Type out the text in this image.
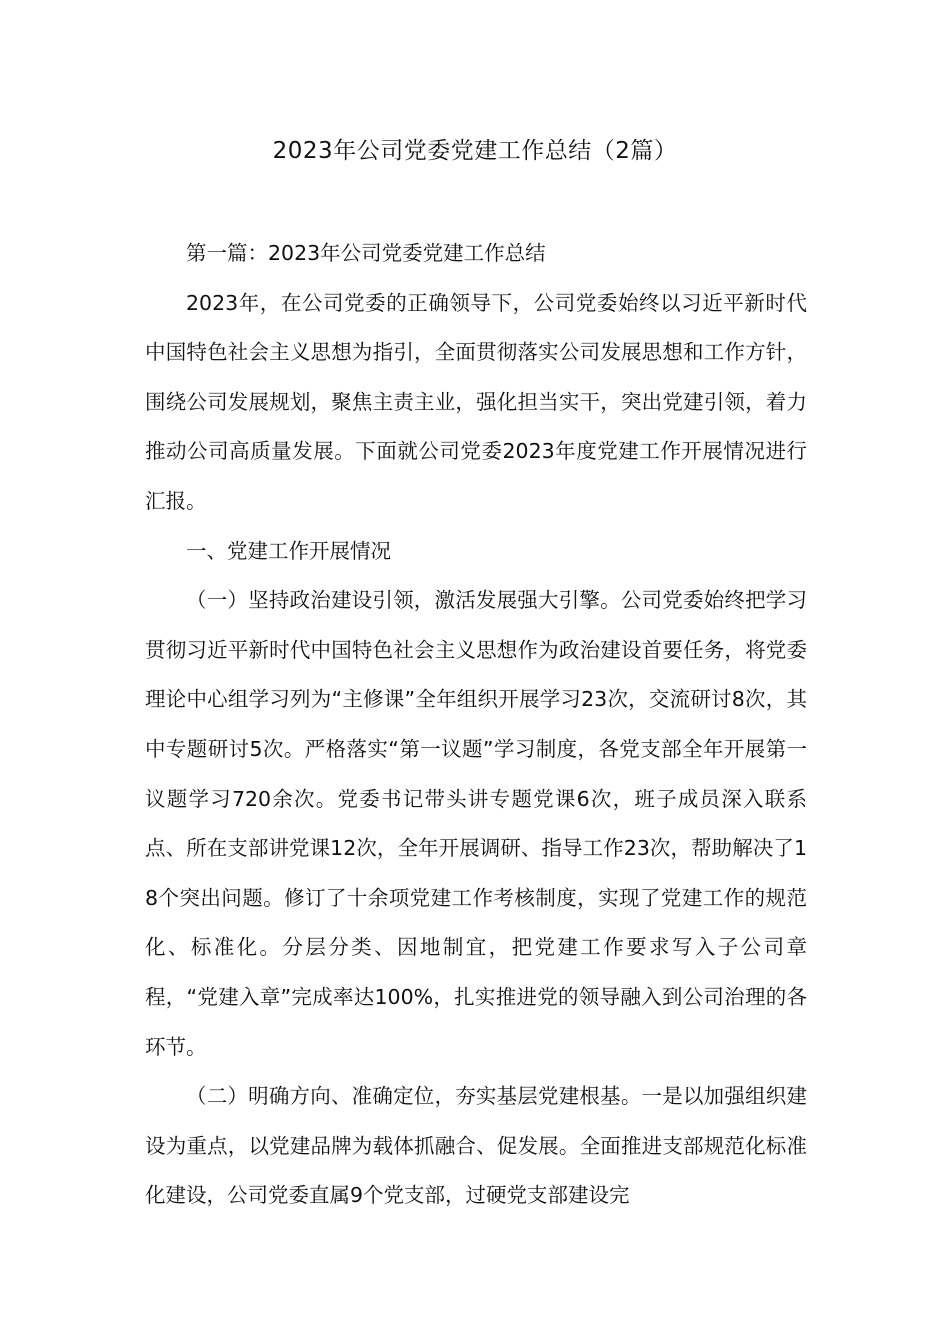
2023年公司党委党建工作总结（2篇）

第一篇：2023年公司党委党建工作总结

2023年，在公司党委的正确领导下，公司党委始终以习近平新时代中国特色社会主义思想为指引，全面贯彻落实公司发展思想和工作方针，围绕公司发展规划，聚焦主责主业，强化担当实干，突出党建引领，着力推动公司高质量发展。下面就公司党委2023年度党建工作开展情况进行汇报。

一、党建工作开展情况

（一）坚持政治建设引领，激活发展强大引擎。公司党委始终把学习贯彻习近平新时代中国特色社会主义思想作为政治建设首要任务，将党委理论中心组学习列为“主修课”全年组织开展学习23次，交流研讨8次，其中专题研讨5次。严格落实“第一议题”学习制度，各党支部全年开展第一议题学习720余次。党委书记带头讲专题党课6次，班子成员深入联系点、所在支部讲党课12次，全年开展调研、指导工作23次，帮助解决了18个突出问题。修订了十余项党建工作考核制度，实现了党建工作的规范化、标准化。分层分类、因地制宜，把党建工作要求写入子公司章程，“党建入章”完成率达100%，扎实推进党的领导融入到公司治理的各环节。

（二）明确方向、准确定位，夯实基层党建根基。一是以加强组织建设为重点，以党建品牌为载体抓融合、促发展。全面推进支部规范化标准化建设，公司党委直属9个党支部，过硬党支部建设完
